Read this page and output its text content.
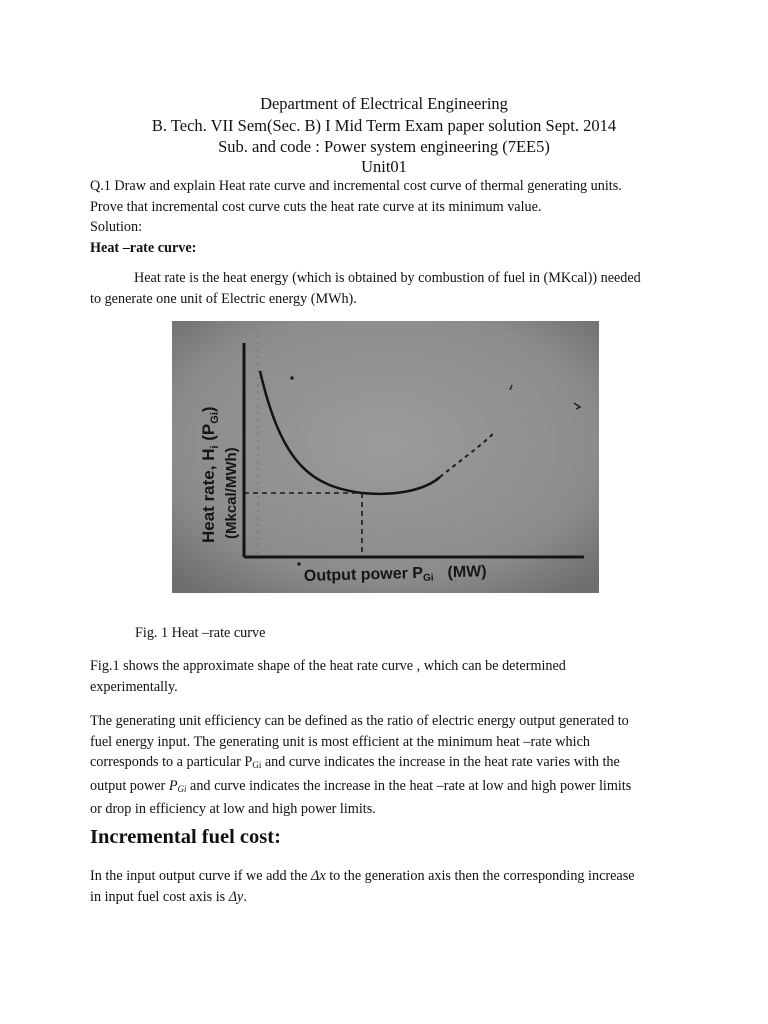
Department of Electrical Engineering
B. Tech. VII Sem(Sec. B) I Mid Term Exam paper solution Sept. 2014
Sub. and code : Power system engineering (7EE5)
Unit01
Q.1 Draw and explain Heat rate curve and incremental cost curve of thermal generating units.
Prove that incremental cost curve cuts the heat rate curve at its minimum value.
Solution:
Heat –rate curve:
Heat rate is the heat energy (which is obtained by combustion of fuel in (MKcal)) needed
to generate one unit of Electric energy (MWh).
Heat rate, $H_i$ $(P_{Gi})$
(Mkcal/MWh)
Output power PGi (MW)
Fig. 1 Heat –rate curve
Fig.1 shows the approximate shape of the heat rate curve , which can be determined
experimentally.
The generating unit efficiency can be defined as the ratio of electric energy output generated to
fuel energy input. The generating unit is most efficient at the minimum heat –rate which
corresponds to a particular $P_{Gi}$ and curve indicates the increase in the heat rate varies with the
output power $P_{Gi}$ and curve indicates the increase in the heat –rate at low and high power limits
or drop in efficiency at low and high power limits.
Incremental fuel cost:
In the input output curve if we add the Δx to the generation axis then the corresponding increase
in input fuel cost axis is Δy.
